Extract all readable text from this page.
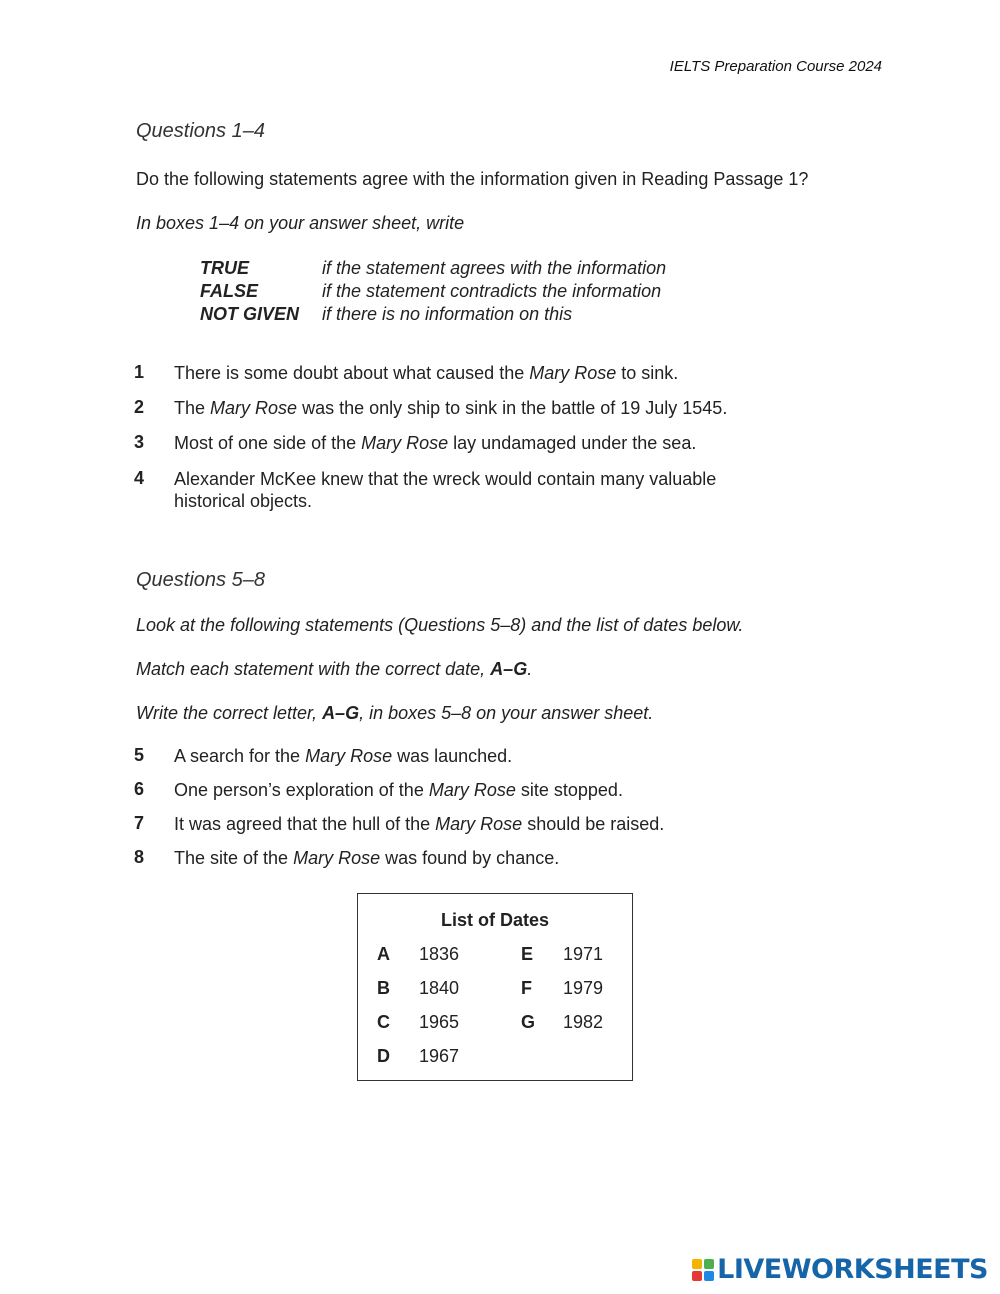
IELTS Preparation Course 2024
Questions 1–4
Do the following statements agree with the information given in Reading Passage 1?
In boxes 1–4 on your answer sheet, write
TRUE	if the statement agrees with the information
FALSE	if the statement contradicts the information
NOT GIVEN if there is no information on this
1 There is some doubt about what caused the Mary Rose to sink.
2 The Mary Rose was the only ship to sink in the battle of 19 July 1545.
3 Most of one side of the Mary Rose lay undamaged under the sea.
4 Alexander McKee knew that the wreck would contain many valuable historical objects.
Questions 5–8
Look at the following statements (Questions 5–8) and the list of dates below.
Match each statement with the correct date, A–G.
Write the correct letter, A–G, in boxes 5–8 on your answer sheet.
5 A search for the Mary Rose was launched.
6 One person’s exploration of the Mary Rose site stopped.
7 It was agreed that the hull of the Mary Rose should be raised.
8 The site of the Mary Rose was found by chance.
List of Dates
A 1836
B 1840
C 1965
D 1967
E 1971
F 1979
G 1982
LIVEWORKSHEETS
